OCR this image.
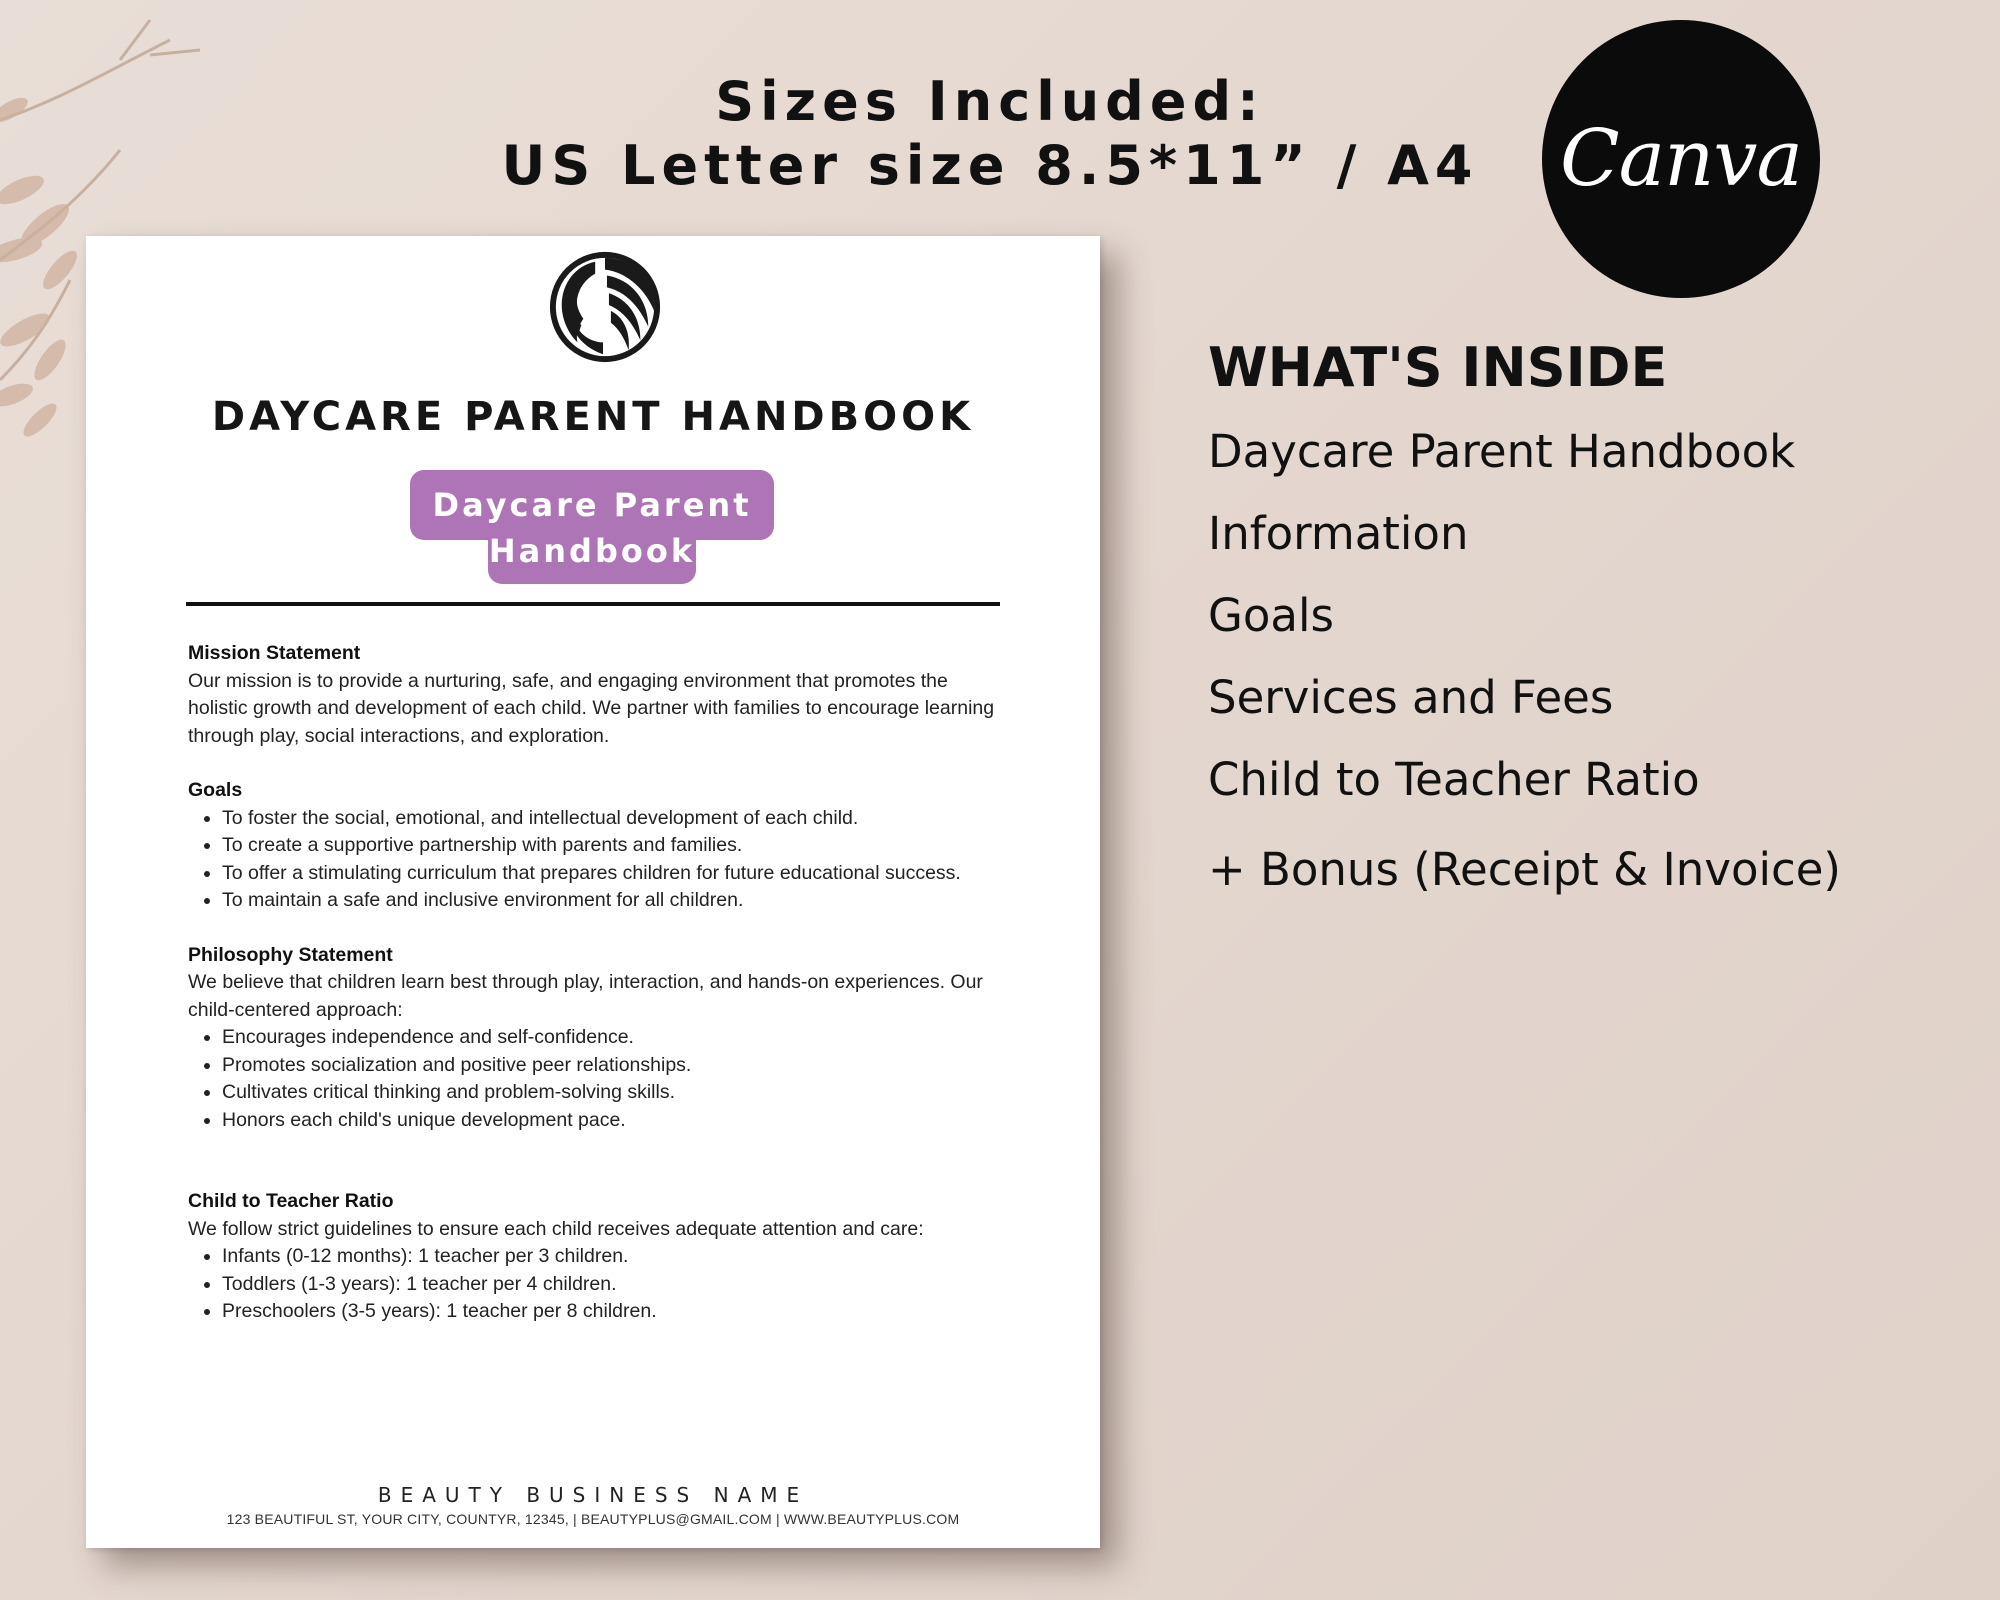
Sizes Included:
US Letter size 8.5*11” / A4 Canva
DAYCARE PARENT HANDBOOK
Daycare Parent
Handbook
Mission Statement

Our mission is to provide a nurturing, safe, and engaging environment that promotes the holistic growth and development of each child. We partner with families to encourage learning through play, social interactions, and exploration.

Goals
• To foster the social, emotional, and intellectual development of each child.
• To create a supportive partnership with parents and families.
• To offer a stimulating curriculum that prepares children for future educational success.
• To maintain a safe and inclusive environment for all children.
Philosophy Statement

We believe that children learn best through play, interaction, and hands-on experiences. Our child-centered approach:

• Encourages independence and self-confidence.
• Promotes socialization and positive peer relationships.
• Cultivates critical thinking and problem-solving skills.
• Honors each child's unique development pace.
Child to Teacher Ratio

We follow strict guidelines to ensure each child receives adequate attention and care:

• Infants (0-12 months): 1 teacher per 3 children.
• Toddlers (1-3 years): 1 teacher per 4 children.
• Preschoolers (3-5 years): 1 teacher per 8 children.
BEAUTY BUSINESS NAME
123 BEAUTIFUL ST, YOUR CITY, COUNTYR, 12345, | BEAUTYPLUS@GMAIL.COM | WWW.BEAUTYPLUS.COM
WHAT'S INSIDE
Daycare Parent Handbook
Information
Goals
Services and Fees
Child to Teacher Ratio
+ Bonus (Receipt & Invoice)
